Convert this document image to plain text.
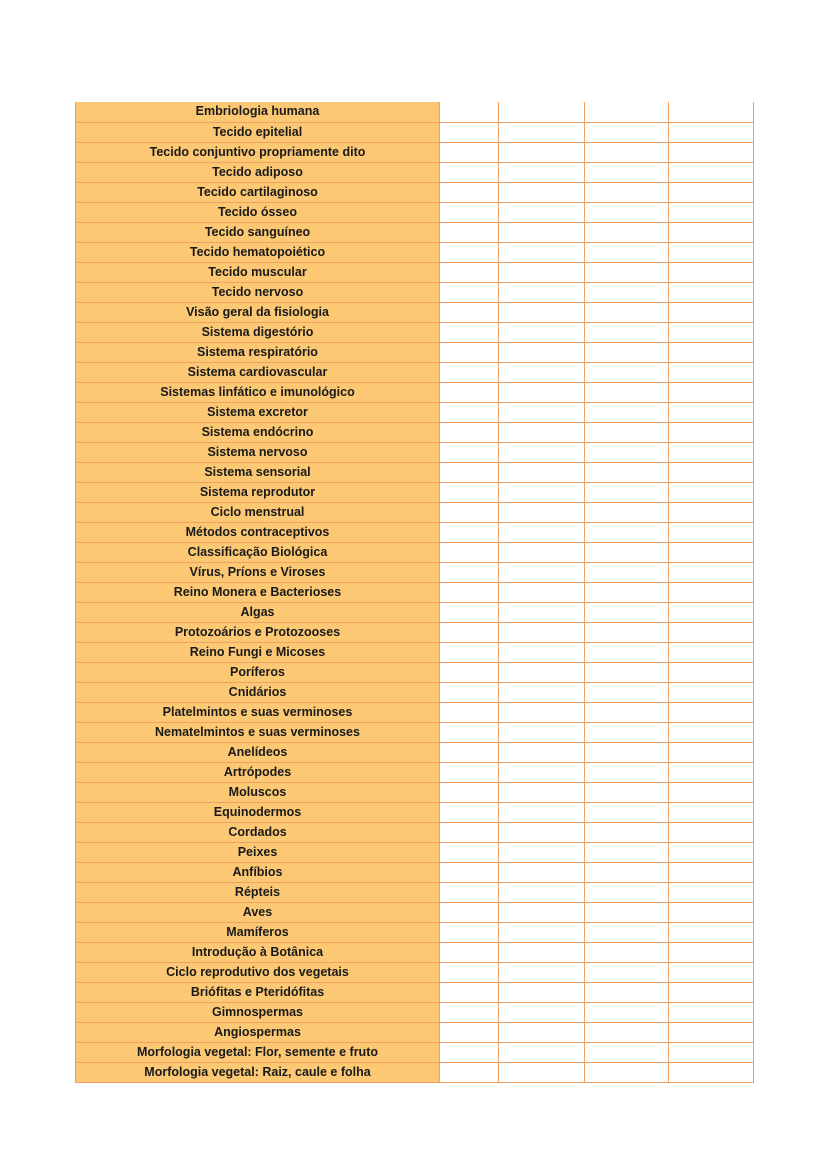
Embriologia humana				
Tecido epitelial				
Tecido conjuntivo propriamente dito				
Tecido adiposo				
Tecido cartilaginoso				
Tecido ósseo				
Tecido sanguíneo				
Tecido hematopoiético				
Tecido muscular				
Tecido nervoso				
Visão geral da fisiologia				
Sistema digestório				
Sistema respiratório				
Sistema cardiovascular				
Sistemas linfático e imunológico				
Sistema excretor				
Sistema endócrino				
Sistema nervoso				
Sistema sensorial				
Sistema reprodutor				
Ciclo menstrual				
Métodos contraceptivos				
Classificação Biológica				
Vírus, Príons e Viroses				
Reino Monera e Bacterioses				
Algas				
Protozoários e Protozooses				
Reino Fungi e Micoses				
Poríferos				
Cnidários				
Platelmintos e suas verminoses				
Nematelmintos e suas verminoses				
Anelídeos				
Artrópodes				
Moluscos				
Equinodermos				
Cordados				
Peixes				
Anfíbios				
Répteis				
Aves				
Mamíferos				
Introdução à Botânica				
Ciclo reprodutivo dos vegetais				
Briófitas e Pteridófitas				
Gimnospermas				
Angiospermas				
Morfologia vegetal: Flor, semente e fruto				
Morfologia vegetal: Raiz, caule e folha				
